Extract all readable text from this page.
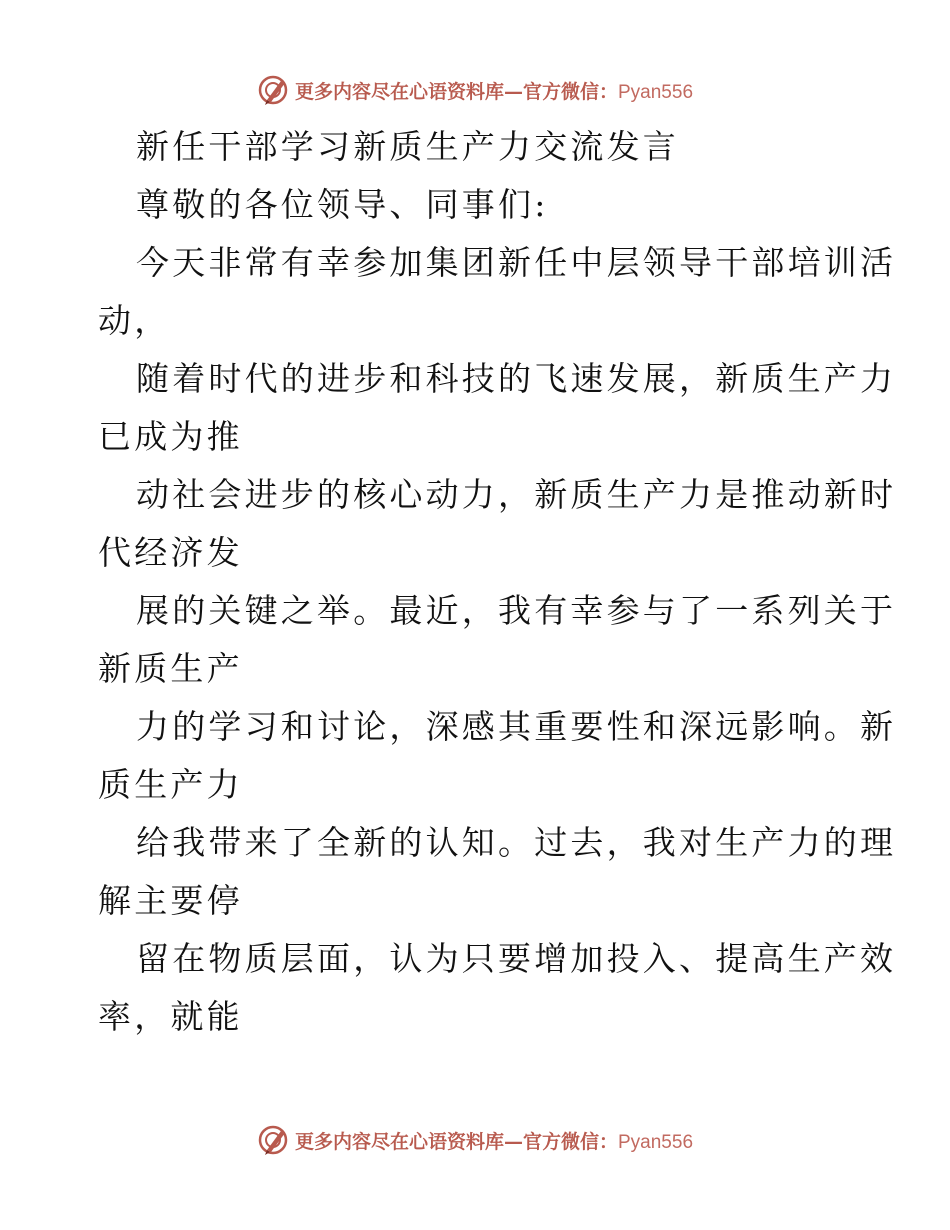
更多内容尽在心语资料库—官方微信：Pyan556
新任干部学习新质生产力交流发言
尊敬的各位领导、同事们:
今天非常有幸参加集团新任中层领导干部培训活
动，
随着时代的进步和科技的飞速发展，新质生产力
已成为推
动社会进步的核心动力，新质生产力是推动新时
代经济发
展的关键之举。最近，我有幸参与了一系列关于
新质生产
力的学习和讨论，深感其重要性和深远影响。新
质生产力
给我带来了全新的认知。过去，我对生产力的理
解主要停
留在物质层面，认为只要增加投入、提高生产效
率，就能
更多内容尽在心语资料库—官方微信：Pyan556
